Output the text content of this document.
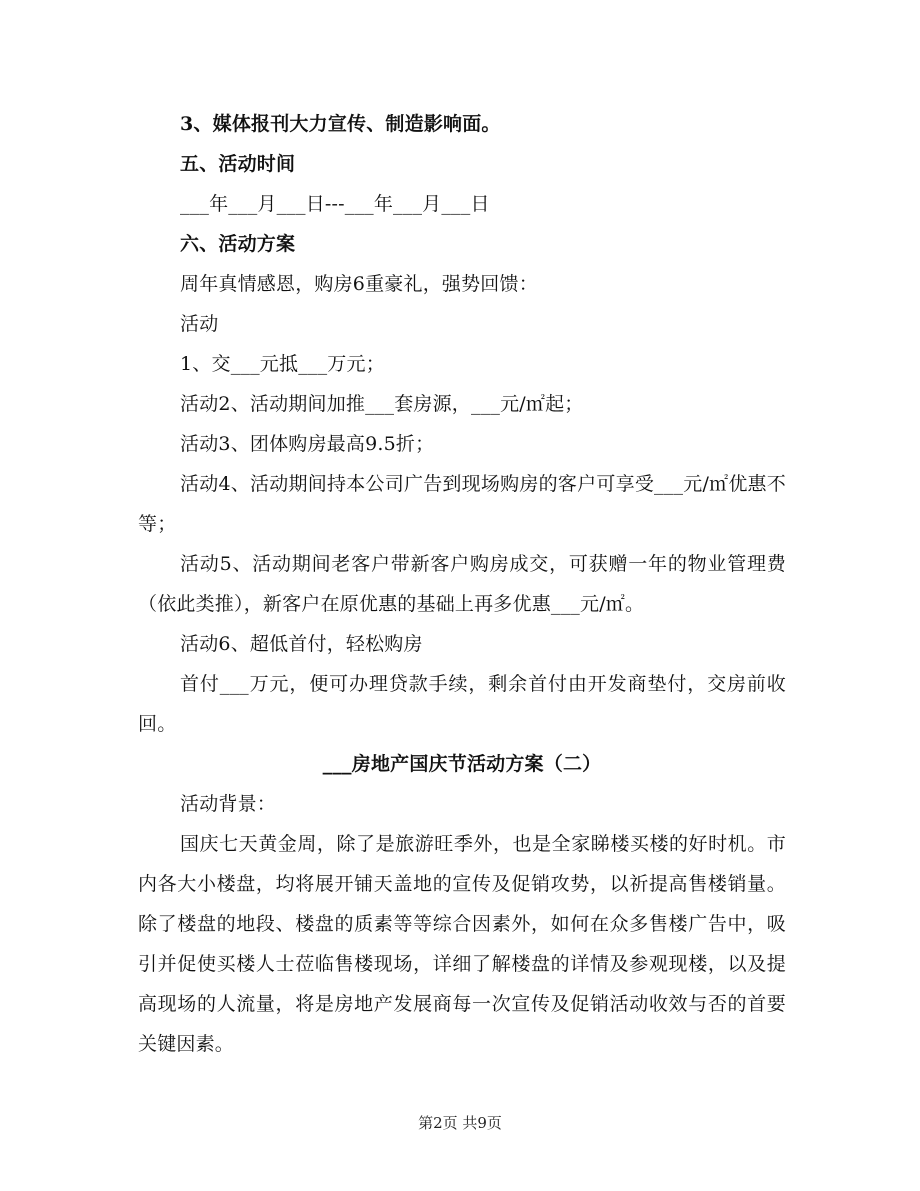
3、媒体报刊大力宣传、制造影响面。
五、活动时间
___年___月___日---___年___月___日
六、活动方案
周年真情感恩，购房6重豪礼，强势回馈：
活动
1、交___元抵___万元；
活动2、活动期间加推___套房源，___元/㎡起；
活动3、团体购房最高9.5折；
活动4、活动期间持本公司广告到现场购房的客户可享受___元/㎡优惠不等；
活动5、活动期间老客户带新客户购房成交，可获赠一年的物业管理费（依此类推），新客户在原优惠的基础上再多优惠___元/㎡。
活动6、超低首付，轻松购房
首付___万元，便可办理贷款手续，剩余首付由开发商垫付，交房前收回。
___房地产国庆节活动方案（二）
活动背景：
国庆七天黄金周，除了是旅游旺季外，也是全家睇楼买楼的好时机。市内各大小楼盘，均将展开铺天盖地的宣传及促销攻势，以祈提高售楼销量。除了楼盘的地段、楼盘的质素等等综合因素外，如何在众多售楼广告中，吸引并促使买楼人士莅临售楼现场，详细了解楼盘的详情及参观现楼，以及提高现场的人流量，将是房地产发展商每一次宣传及促销活动收效与否的首要关键因素。
第2页 共9页
